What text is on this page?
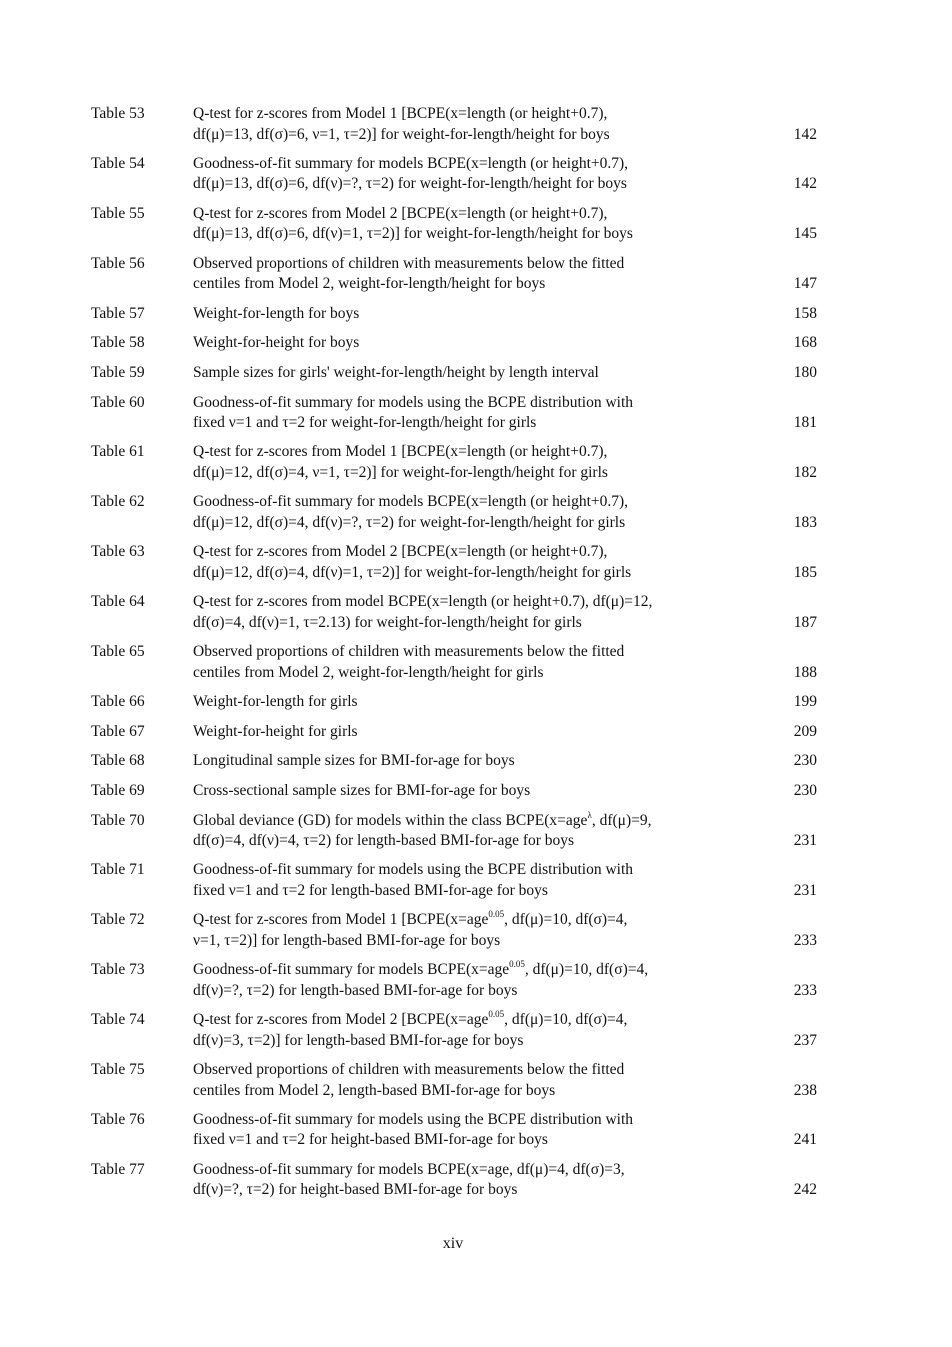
Table 53	Q-test for z-scores from Model 1 [BCPE(x=length (or height+0.7),
df(μ)=13, df(σ)=6, ν=1, τ=2)] for weight-for-length/height for boys	142
Table 54	Goodness-of-fit summary for models BCPE(x=length (or height+0.7),
df(μ)=13, df(σ)=6, df(ν)=?, τ=2) for weight-for-length/height for boys	142
Table 55	Q-test for z-scores from Model 2 [BCPE(x=length (or height+0.7),
df(μ)=13, df(σ)=6, df(ν)=1, τ=2)] for weight-for-length/height for boys	145
Table 56	Observed proportions of children with measurements below the fitted
centiles from Model 2, weight-for-length/height for boys	147
Table 57	Weight-for-length for boys	158
Table 58	Weight-for-height for boys	168
Table 59	Sample sizes for girls' weight-for-length/height by length interval	180
Table 60	Goodness-of-fit summary for models using the BCPE distribution with
fixed ν=1 and τ=2 for weight-for-length/height for girls	181
Table 61	Q-test for z-scores from Model 1 [BCPE(x=length (or height+0.7),
df(μ)=12, df(σ)=4, ν=1, τ=2)] for weight-for-length/height for girls	182
Table 62	Goodness-of-fit summary for models BCPE(x=length (or height+0.7),
df(μ)=12, df(σ)=4, df(ν)=?, τ=2) for weight-for-length/height for girls	183
Table 63	Q-test for z-scores from Model 2 [BCPE(x=length (or height+0.7),
df(μ)=12, df(σ)=4, df(ν)=1, τ=2)] for weight-for-length/height for girls	185
Table 64	Q-test for z-scores from model BCPE(x=length (or height+0.7), df(μ)=12,
df(σ)=4, df(ν)=1, τ=2.13) for weight-for-length/height for girls	187
Table 65	Observed proportions of children with measurements below the fitted
centiles from Model 2, weight-for-length/height for girls	188
Table 66	Weight-for-length for girls	199
Table 67	Weight-for-height for girls	209
Table 68	Longitudinal sample sizes for BMI-for-age for boys	230
Table 69	Cross-sectional sample sizes for BMI-for-age for boys	230
Table 70	Global deviance (GD) for models within the class BCPE(x=age$^\lambda$, df(μ)=9,
df(σ)=4, df(ν)=4, τ=2) for length-based BMI-for-age for boys	231
Table 71	Goodness-of-fit summary for models using the BCPE distribution with
fixed ν=1 and τ=2 for length-based BMI-for-age for boys	231
Table 72	Q-test for z-scores from Model 1 [BCPE(x=age$^{0.05}$, df(μ)=10, df(σ)=4,
ν=1, τ=2)] for length-based BMI-for-age for boys	233
Table 73	Goodness-of-fit summary for models BCPE(x=age$^{0.05}$, df(μ)=10, df(σ)=4,
df(ν)=?, τ=2) for length-based BMI-for-age for boys	233
Table 74	Q-test for z-scores from Model 2 [BCPE(x=age$^{0.05}$, df(μ)=10, df(σ)=4,
df(ν)=3, τ=2)] for length-based BMI-for-age for boys	237
Table 75	Observed proportions of children with measurements below the fitted
centiles from Model 2, length-based BMI-for-age for boys	238
Table 76	Goodness-of-fit summary for models using the BCPE distribution with
fixed ν=1 and τ=2 for height-based BMI-for-age for boys	241
Table 77	Goodness-of-fit summary for models BCPE(x=age, df(μ)=4, df(σ)=3,
df(ν)=?, τ=2) for height-based BMI-for-age for boys	242
xiv
